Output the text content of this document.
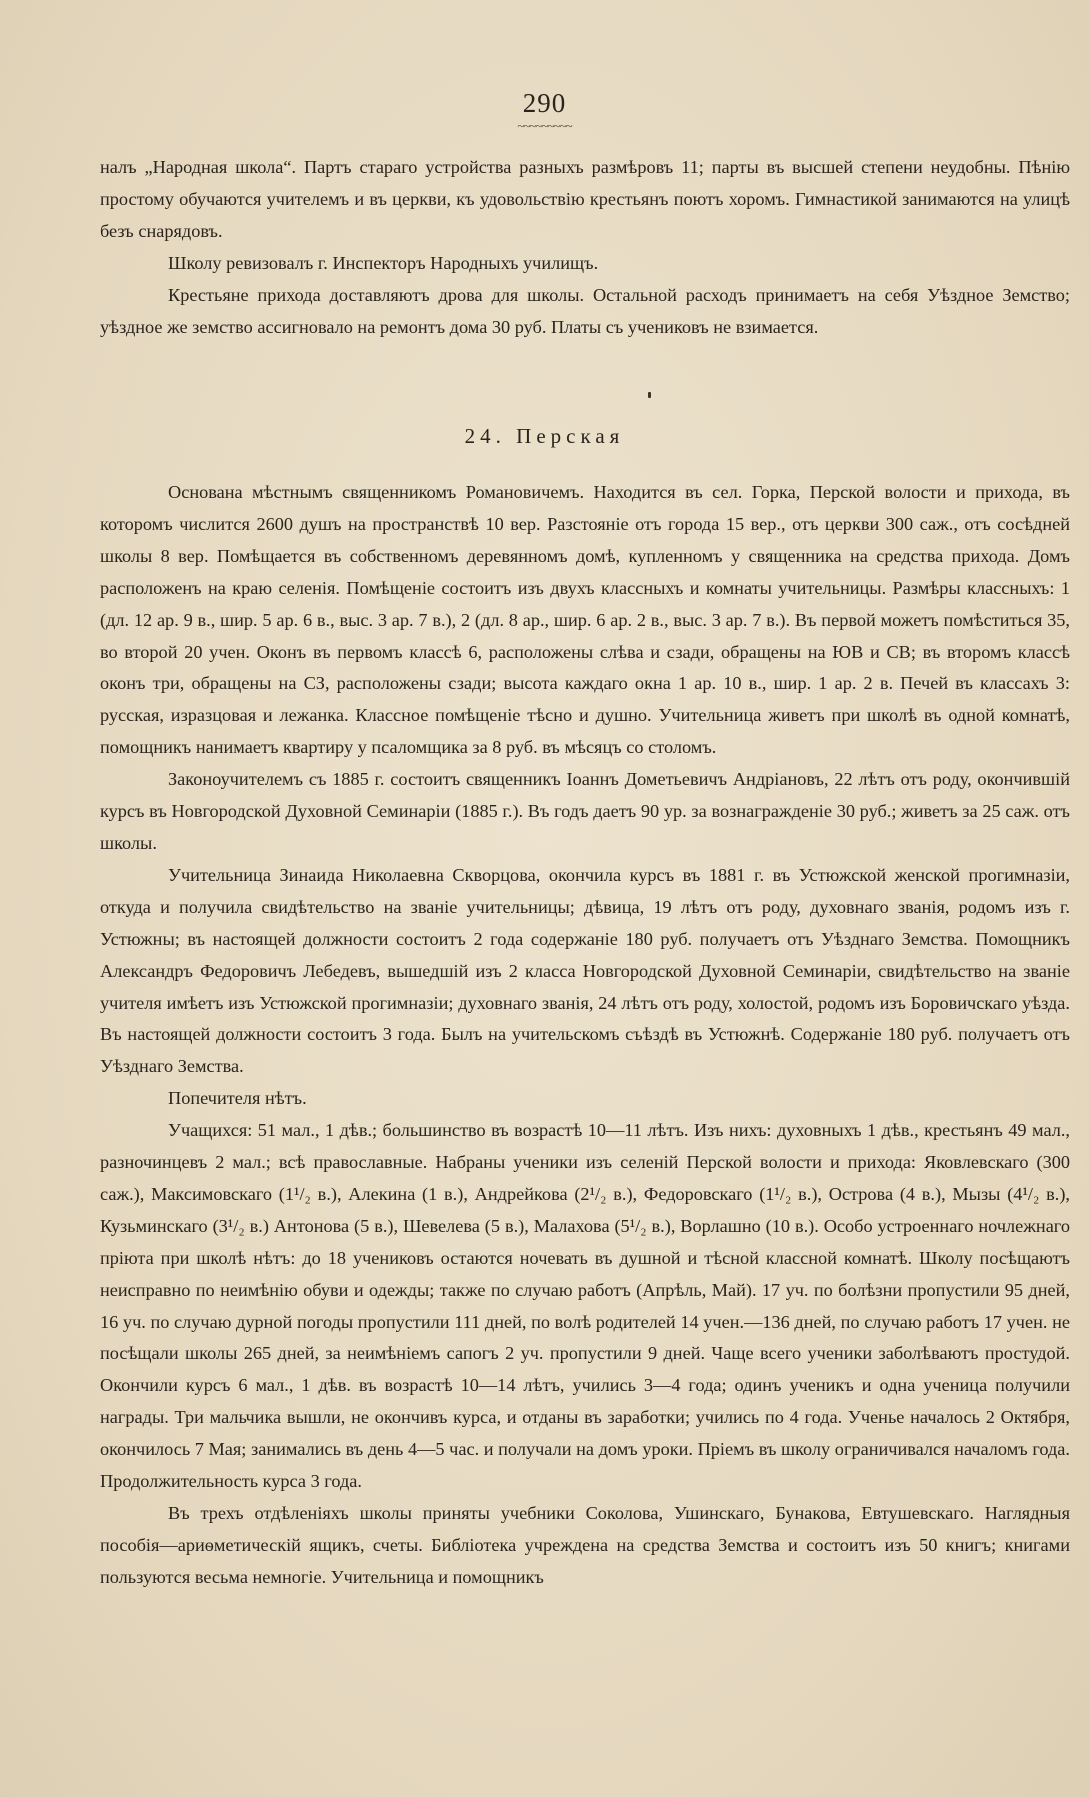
290
~~~~~~~~~

налъ „Народная школа“. Партъ стараго устройства разныхъ размѣровъ 11; парты въ высшей степени неудобны. Пѣнію простому обучаются учителемъ и въ церкви, къ удовольствію крестьянъ поютъ хоромъ. Гимнастикой занимаются на улицѣ безъ снарядовъ.

Школу ревизовалъ г. Инспекторъ Народныхъ училищъ.

Крестьяне прихода доставляютъ дрова для школы. Остальной расходъ принимаетъ на себя Уѣздное Земство; уѣздное же земство ассигновало на ремонтъ дома 30 руб. Платы съ учениковъ не взимается.

24. Перская

Основана мѣстнымъ священникомъ Романовичемъ. Находится въ сел. Горка, Перской волости и прихода, въ которомъ числится 2600 душъ на пространствѣ 10 вер. Разстояніе отъ города 15 вер., отъ церкви 300 саж., отъ сосѣдней школы 8 вер. Помѣщается въ собственномъ деревянномъ домѣ, купленномъ у священника на средства прихода. Домъ расположенъ на краю селенія. Помѣщеніе состоитъ изъ двухъ классныхъ и комнаты учительницы. Размѣры классныхъ: 1 (дл. 12 ар. 9 в., шир. 5 ар. 6 в., выс. 3 ар. 7 в.), 2 (дл. 8 ар., шир. 6 ар. 2 в., выс. 3 ар. 7 в.). Въ первой можетъ помѣститься 35, во второй 20 учен. Оконъ въ первомъ классѣ 6, расположены слѣва и сзади, обращены на ЮВ и СВ; въ второмъ классѣ оконъ три, обращены на СЗ, расположены сзади; высота каждаго окна 1 ар. 10 в., шир. 1 ар. 2 в. Печей въ классахъ 3: русская, изразцовая и лежанка. Классное помѣщеніе тѣсно и душно. Учительница живетъ при школѣ въ одной комнатѣ, помощникъ нанимаетъ квартиру у псаломщика за 8 руб. въ мѣсяцъ со столомъ.

Законоучителемъ съ 1885 г. состоитъ священникъ Іоаннъ Дометьевичъ Андріановъ, 22 лѣтъ отъ роду, окончившій курсъ въ Новгородской Духовной Семинаріи (1885 г.). Въ годъ даетъ 90 ур. за вознагражденіе 30 руб.; живетъ за 25 саж. отъ школы.

Учительница Зинаида Николаевна Скворцова, окончила курсъ въ 1881 г. въ Устюжской женской прогимназіи, откуда и получила свидѣтельство на званіе учительницы; дѣвица, 19 лѣтъ отъ роду, духовнаго званія, родомъ изъ г. Устюжны; въ настоящей должности состоитъ 2 года содержаніе 180 руб. получаетъ отъ Уѣзднаго Земства. Помощникъ Александръ Федоровичъ Лебедевъ, вышедшій изъ 2 класса Новгородской Духовной Семинаріи, свидѣтельство на званіе учителя имѣетъ изъ Устюжской прогимназіи; духовнаго званія, 24 лѣтъ отъ роду, холостой, родомъ изъ Боровичскаго уѣзда. Въ настоящей должности состоитъ 3 года. Былъ на учительскомъ съѣздѣ въ Устюжнѣ. Содержаніе 180 руб. получаетъ отъ Уѣзднаго Земства.

Попечителя нѣтъ.

Учащихся: 51 мал., 1 дѣв.; большинство въ возрастѣ 10—11 лѣтъ. Изъ нихъ: духовныхъ 1 дѣв., крестьянъ 49 мал., разночинцевъ 2 мал.; всѣ православные. Набраны ученики изъ селеній Перской волости и прихода: Яковлевскаго (300 саж.), Максимовскаго (1¹/₂ в.), Алекина (1 в.), Андрейкова (2¹/₂ в.), Федоровскаго (1¹/₂ в.), Острова (4 в.), Мызы (4¹/₂ в.), Кузьминскаго (3¹/₂ в.) Антонова (5 в.), Шевелева (5 в.), Малахова (5¹/₂ в.), Ворлашно (10 в.). Особо устроеннаго ночлежнаго пріюта при школѣ нѣтъ: до 18 учениковъ остаются ночевать въ душной и тѣсной классной комнатѣ. Школу посѣщаютъ неисправно по неимѣнію обуви и одежды; также по случаю работъ (Апрѣль, Май). 17 уч. по болѣзни пропустили 95 дней, 16 уч. по случаю дурной погоды пропустили 111 дней, по волѣ родителей 14 учен.—136 дней, по случаю работъ 17 учен. не посѣщали школы 265 дней, за неимѣніемъ сапогъ 2 уч. пропустили 9 дней. Чаще всего ученики заболѣваютъ простудой. Окончили курсъ 6 мал., 1 дѣв. въ возрастѣ 10—14 лѣтъ, учились 3—4 года; одинъ ученикъ и одна ученица получили награды. Три мальчика вышли, не окончивъ курса, и отданы въ заработки; учились по 4 года. Ученье началось 2 Октября, окончилось 7 Мая; занимались въ день 4—5 час. и получали на домъ уроки. Пріемъ въ школу ограничивался началомъ года. Продолжительность курса 3 года.

Въ трехъ отдѣленіяхъ школы приняты учебники Соколова, Ушинскаго, Бунакова, Евтушевскаго. Наглядныя пособія—ариѳметическій ящикъ, счеты. Библіотека учреждена на средства Земства и состоитъ изъ 50 книгъ; книгами пользуются весьма немногіе. Учительница и помощникъ
